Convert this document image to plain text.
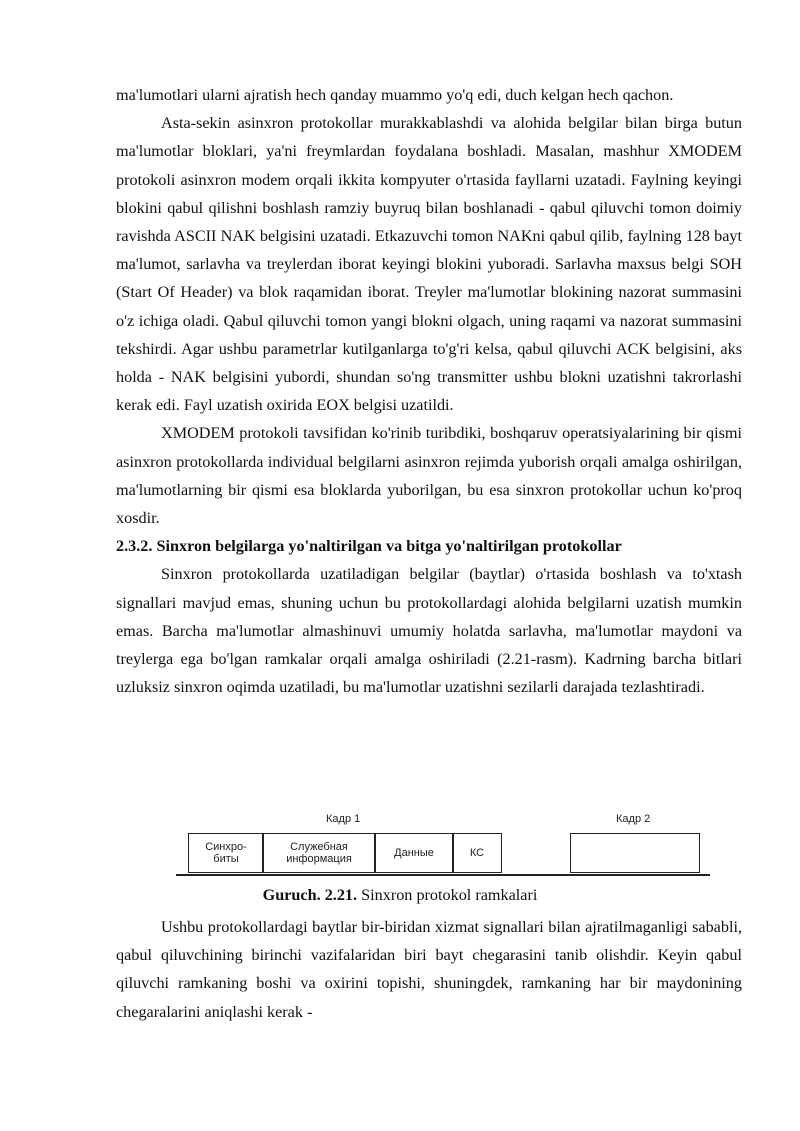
ma'lumotlari ularni ajratish hech qanday muammo yo'q edi, duch kelgan hech qachon.

Asta-sekin asinxron protokollar murakkablashdi va alohida belgilar bilan birga butun ma'lumotlar bloklari, ya'ni freymlardan foydalana boshladi. Masalan, mashhur XMODEM protokoli asinxron modem orqali ikkita kompyuter o'rtasida fayllarni uzatadi. Faylning keyingi blokini qabul qilishni boshlash ramziy buyruq bilan boshlanadi - qabul qiluvchi tomon doimiy ravishda ASCII NAK belgisini uzatadi. Etkazuvchi tomon NAKni qabul qilib, faylning 128 bayt ma'lumot, sarlavha va treylerdan iborat keyingi blokini yuboradi. Sarlavha maxsus belgi SOH (Start Of Header) va blok raqamidan iborat. Treyler ma'lumotlar blokining nazorat summasini o'z ichiga oladi. Qabul qiluvchi tomon yangi blokni olgach, uning raqami va nazorat summasini tekshirdi. Agar ushbu parametrlar kutilganlarga to'g'ri kelsa, qabul qiluvchi ACK belgisini, aks holda - NAK belgisini yubordi, shundan so'ng transmitter ushbu blokni uzatishni takrorlashi kerak edi. Fayl uzatish oxirida EOX belgisi uzatildi.

XMODEM protokoli tavsifidan ko'rinib turibdiki, boshqaruv operatsiyalarining bir qismi asinxron protokollarda individual belgilarni asinxron rejimda yuborish orqali amalga oshirilgan, ma'lumotlarning bir qismi esa bloklarda yuborilgan, bu esa sinxron protokollar uchun ko'proq xosdir.

2.3.2. Sinxron belgilarga yo'naltirilgan va bitga yo'naltirilgan protokollar

Sinxron protokollarda uzatiladigan belgilar (baytlar) o'rtasida boshlash va to'xtash signallari mavjud emas, shuning uchun bu protokollardagi alohida belgilarni uzatish mumkin emas. Barcha ma'lumotlar almashinuvi umumiy holatda sarlavha, ma'lumotlar maydoni va treylerga ega bo'lgan ramkalar orqali amalga oshiriladi (2.21-rasm). Kadrning barcha bitlari uzluksiz sinxron oqimda uzatiladi, bu ma'lumotlar uzatishni sezilarli darajada tezlashtiradi.

Кадр 1	Кадр 2
Синхро-
биты
Служебная
информация	Данные	КС
Guruch. 2.21. Sinxron protokol ramkalari

Ushbu protokollardagi baytlar bir-biridan xizmat signallari bilan ajratilmaganligi sababli, qabul qiluvchining birinchi vazifalaridan biri bayt chegarasini tanib olishdir. Keyin qabul qiluvchi ramkaning boshi va oxirini topishi, shuningdek, ramkaning har bir maydonining chegaralarini aniqlashi kerak -
